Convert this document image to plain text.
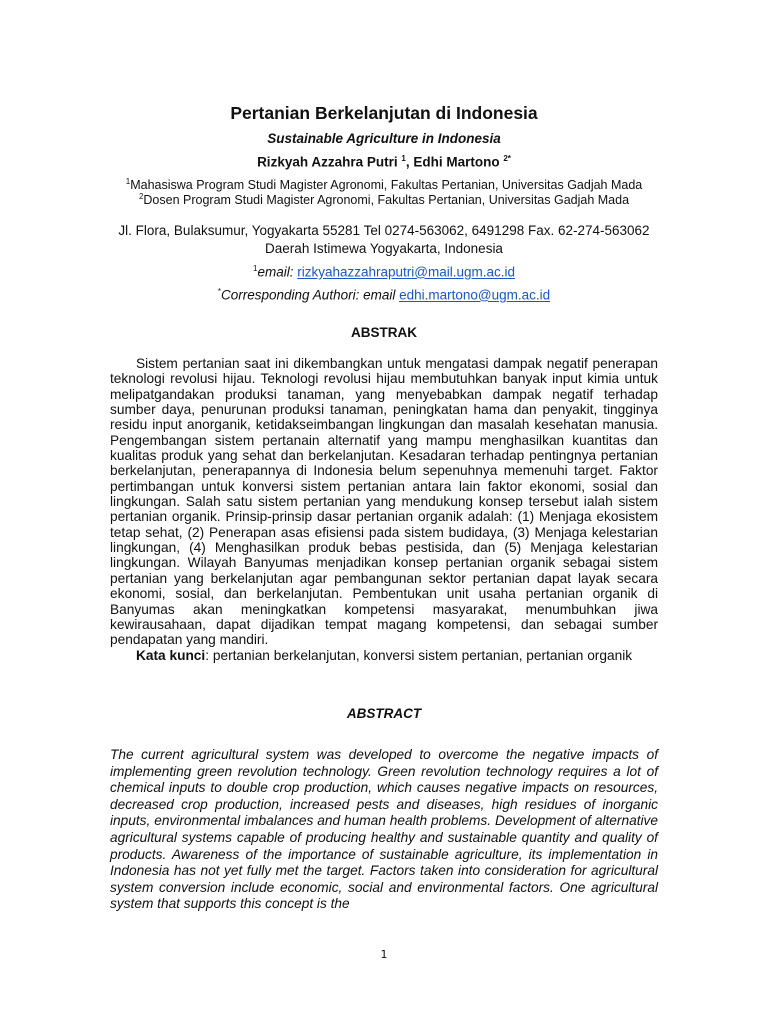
Pertanian Berkelanjutan di Indonesia
Sustainable Agriculture in Indonesia
Rizkyah Azzahra Putri $^1$, Edhi Martono $^{2*}$
$^1$Mahasiswa Program Studi Magister Agronomi, Fakultas Pertanian, Universitas Gadjah Mada
$^2$Dosen Program Studi Magister Agronomi, Fakultas Pertanian, Universitas Gadjah Mada
Jl. Flora, Bulaksumur, Yogyakarta 55281 Tel 0274-563062, 6491298 Fax. 62-274-563062 Daerah Istimewa Yogyakarta, Indonesia
$^1$email: rizkyahazzahraputri@mail.ugm.ac.id
*Corresponding Authori: email edhi.martono@ugm.ac.id
ABSTRAK

Sistem pertanian saat ini dikembangkan untuk mengatasi dampak negatif penerapan teknologi revolusi hijau. Teknologi revolusi hijau membutuhkan banyak input kimia untuk melipatgandakan produksi tanaman, yang menyebabkan dampak negatif terhadap sumber daya, penurunan produksi tanaman, peningkatan hama dan penyakit, tingginya residu input anorganik, ketidakseimbangan lingkungan dan masalah kesehatan manusia. Pengembangan sistem pertanain alternatif yang mampu menghasilkan kuantitas dan kualitas produk yang sehat dan berkelanjutan. Kesadaran terhadap pentingnya pertanian berkelanjutan, penerapannya di Indonesia belum sepenuhnya memenuhi target. Faktor pertimbangan untuk konversi sistem pertanian antara lain faktor ekonomi, sosial dan lingkungan. Salah satu sistem pertanian yang mendukung konsep tersebut ialah sistem pertanian organik. Prinsip-prinsip dasar pertanian organik adalah: (1) Menjaga ekosistem tetap sehat, (2) Penerapan asas efisiensi pada sistem budidaya, (3) Menjaga kelestarian lingkungan, (4) Menghasilkan produk bebas pestisida, dan (5) Menjaga kelestarian lingkungan. Wilayah Banyumas menjadikan konsep pertanian organik sebagai sistem pertanian yang berkelanjutan agar pembangunan sektor pertanian dapat layak secara ekonomi, sosial, dan berkelanjutan. Pembentukan unit usaha pertanian organik di Banyumas akan meningkatkan kompetensi masyarakat, menumbuhkan jiwa kewirausahaan, dapat dijadikan tempat magang kompetensi, dan sebagai sumber pendapatan yang mandiri.

Kata kunci: pertanian berkelanjutan, konversi sistem pertanian, pertanian organik

ABSTRACT

The current agricultural system was developed to overcome the negative impacts of implementing green revolution technology. Green revolution technology requires a lot of chemical inputs to double crop production, which causes negative impacts on resources, decreased crop production, increased pests and diseases, high residues of inorganic inputs, environmental imbalances and human health problems. Development of alternative agricultural systems capable of producing healthy and sustainable quantity and quality of products. Awareness of the importance of sustainable agriculture, its implementation in Indonesia has not yet fully met the target. Factors taken into consideration for agricultural system conversion include economic, social and environmental factors. One agricultural system that supports this concept is the

1
